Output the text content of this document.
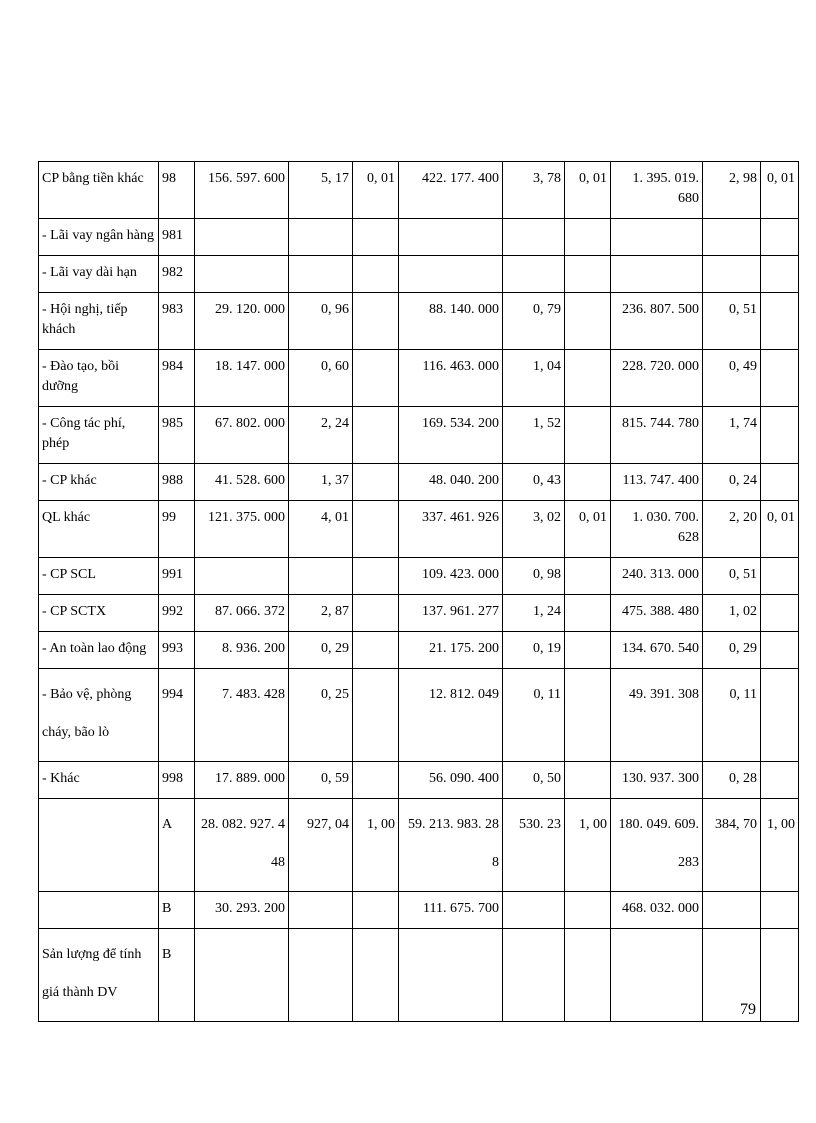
CP bằng tiền khác	98	156. 597. 600	5, 17	0, 01	422. 177. 400	3, 78	0, 01	1. 395. 019. 680	2, 98	0, 01
- Lãi vay ngân hàng	981									
- Lãi vay dài hạn	982									
- Hội nghị, tiếp khách	983	29. 120. 000	0, 96		88. 140. 000	0, 79		236. 807. 500	0, 51	
- Đào tạo, bồi dưỡng	984	18. 147. 000	0, 60		116. 463. 000	1, 04		228. 720. 000	0, 49	
- Công tác phí, phép	985	67. 802. 000	2, 24		169. 534. 200	1, 52		815. 744. 780	1, 74	
- CP khác	988	41. 528. 600	1, 37		48. 040. 200	0, 43		113. 747. 400	0, 24	
QL khác	99	121. 375. 000	4, 01		337. 461. 926	3, 02	0, 01	1. 030. 700. 628	2, 20	0, 01
- CP SCL	991				109. 423. 000	0, 98		240. 313. 000	0, 51	
- CP SCTX	992	87. 066. 372	2, 87		137. 961. 277	1, 24		475. 388. 480	1, 02	
- An toàn lao động	993	8. 936. 200	0, 29		21. 175. 200	0, 19		134. 670. 540	0, 29	
- Bảo vệ, phòng cháy, bão lò	994	7. 483. 428	0, 25		12. 812. 049	0, 11		49. 391. 308	0, 11	
- Khác	998	17. 889. 000	0, 59		56. 090. 400	0, 50		130. 937. 300	0, 28	
	A	28. 082. 927. 448	927, 04	1, 00	59. 213. 983. 288	530. 23	1, 00	180. 049. 609. 283	384, 70	1, 00
	B	30. 293. 200			111. 675. 700			468. 032. 000		
Sản lượng để tính giá thành DV	B									
79
